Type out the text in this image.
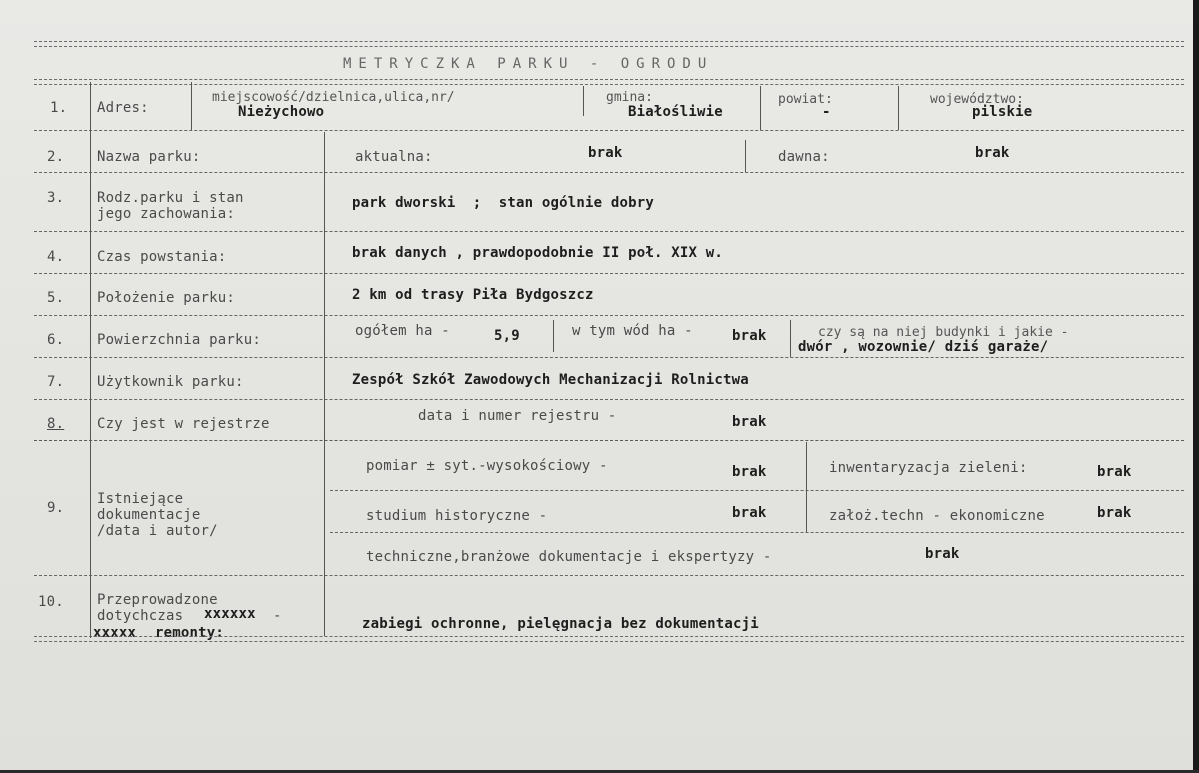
METRYCZKA PARKU - OGRODU
1. Adres:
miejscowość/dzielnica,ulica,nr/
Nieżychowo
gmina:
Białośliwie
powiat:
-
województwo:
pilskie
2. Nazwa parku:	aktualna:	brak	dawna:	brak
3. Rodz.parku i stan
jego zachowania:
park dworski  ;  stan ogólnie dobry
4. Czas powstania:	brak danych , prawdopodobnie II poł. XIX w.
5. Położenie parku:	2 km od trasy Piła Bydgoszcz
6. Powierzchnia parku:
ogółem ha -	5,9	w tym wód ha -	brak	czy są na niej budynki i jakie -
dwór , wozownie/ dziś garaże/
7. Użytkownik parku:	Zespół Szkół Zawodowych Mechanizacji Rolnictwa
8. Czy jest w rejestrze	data i numer rejestru -	brak
9.
Istniejące
dokumentacje
/data i autor/
pomiar ± syt.-wysokościowy -	brak	inwentaryzacja zieleni:	brak
studium historyczne -	brak	założ.techn - ekonomiczne	brak
techniczne,branżowe dokumentacje i ekspertyzy -	brak
10. Przeprowadzone
dotychczas xxxxxx -
xxxxx remonty:
zabiegi ochronne, pielęgnacja bez dokumentacji
